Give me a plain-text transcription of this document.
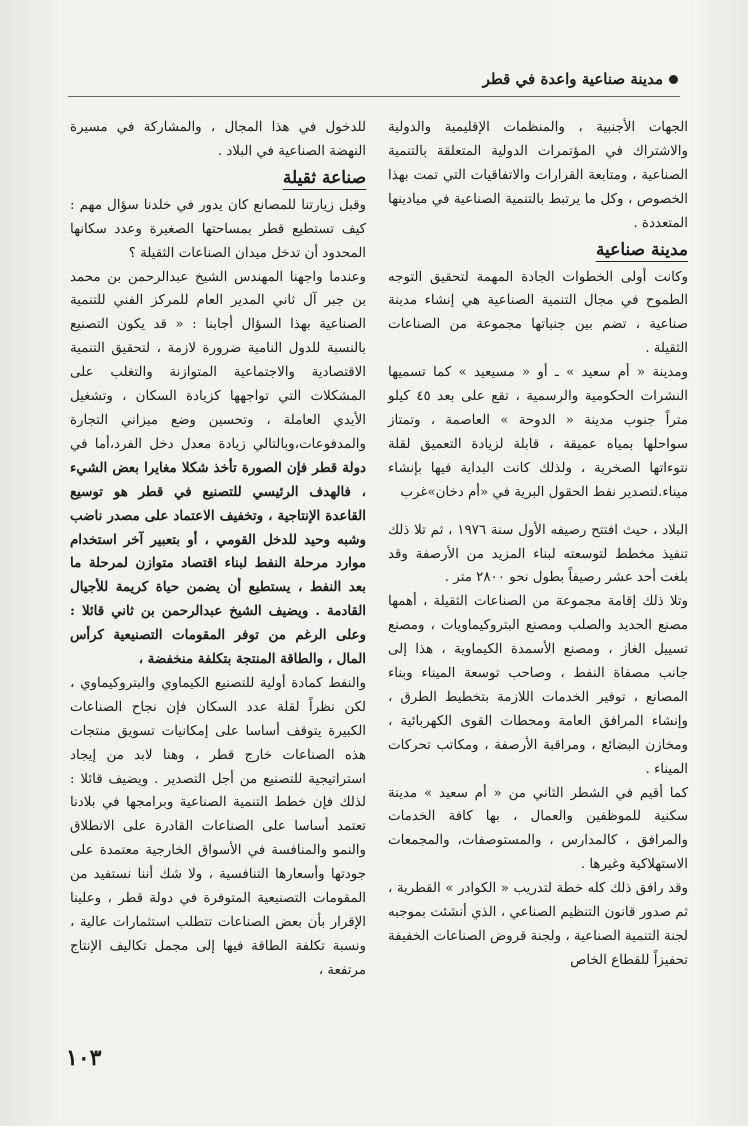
مدينة صناعية واعدة في قطر

الجهات الأجنبية ، والمنظمات الإقليمية والدولية والاشتراك في المؤتمرات الدولية المتعلقة بالتنمية الصناعية ، ومتابعة القرارات والاتفاقيات التي تمت بهذا الخصوص ، وكل ما يرتبط بالتنمية الصناعية في ميادينها المتعددة .

مدينة صناعية

وكانت أولى الخطوات الجادة المهمة لتحقيق التوجه الطموح في مجال التنمية الصناعية هي إنشاء مدينة صناعية ، تضم بين جنباتها مجموعة من الصناعات الثقيلة .

ومدينة « أم سعيد » ـ أو « مسيعيد » كما تسميها النشرات الحكومية والرسمية ، تقع على بعد ٤٥ كيلو متراً جنوب مدينة « الدوحة » العاصمة ، وتمتاز سواحلها بمياه عميقة ، قابلة لزيادة التعميق لقلة نتوءاتها الصخرية ، ولذلك كانت البداية فيها بإنشاء ميناء.لتصدير نفط الحقول البرية في «أم دخان»غرب

البلاد ، حيث افتتح رصيفه الأول سنة ١٩٧٦ ، ثم تلا ذلك تنفيذ مخطط لتوسعته لبناء المزيد من الأرصفة وقد بلغت أحد عشر رصيفاً بطول نحو ٢٨٠٠ متر .

وتلا ذلك إقامة مجموعة من الصناعات الثقيلة ، أهمها مصنع الحديد والصلب ومصنع البتروكيماويات ، ومصنع تسييل الغاز ، ومصنع الأسمدة الكيماوية ، هذا إلى جانب مصفاة النفط ، وصاحب توسعة الميناء وبناء المصانع ، توفير الخدمات اللازمة بتخطيط الطرق ، وإنشاء المرافق العامة ومحطات القوى الكهربائية ، ومخازن البضائع ، ومراقبة الأرصفة ، ومكاتب تحركات الميناء .

كما أقيم في الشطر الثاني من « أم سعيد » مدينة سكنية للموظفين والعمال ، بها كافة الخدمات والمرافق ، كالمدارس ، والمستوصفات، والمجمعات الاستهلاكية وغيرها .

وقد رافق ذلك كله خطة لتدريب « الكوادر » القطرية ، ثم صدور قانون التنظيم الصناعي ، الذي أنشئت بموجبه لجنة التنمية الصناعية ، ولجنة قروض الصناعات الخفيفة تحفيزاً للقطاع الخاص

للدخول في هذا المجال ، والمشاركة في مسيرة النهضة الصناعية في البلاد .

صناعة ثقيلة

وقبل زيارتنا للمصانع كان يدور في خلدنا سؤال مهم : كيف تستطيع قطر بمساحتها الصغيرة وعدد سكانها المحدود أن تدخل ميدان الصناعات الثقيلة ؟

وعندما واجهنا المهندس الشيخ عبدالرحمن بن محمد بن جبر آل ثاني المدير العام للمركز الفني للتنمية الصناعية بهذا السؤال أجابنا : « قد يكون التصنيع بالنسبة للدول النامية ضرورة لازمة ، لتحقيق التنمية الاقتصادية والاجتماعية المتوازنة والتغلب على المشكلات التي تواجهها كزيادة السكان ، وتشغيل الأيدي العاملة ، وتحسين وضع ميزاني التجارة والمدفوعات،وبالتالي زيادة معدل دخل الفرد،أما في دولة قطر فإن الصورة تأخذ شكلا مغايرا بعض الشيء ، فالهدف الرئيسي للتصنيع في قطر هو توسيع القاعدة الإنتاجية ، وتخفيف الاعتماد على مصدر ناضب وشبه وحيد للدخل القومي ، أو بتعبير آخر استخدام موارد مرحلة النفط لبناء اقتصاد متوازن لمرحلة ما بعد النفط ، يستطيع أن يضمن حياة كريمة للأجيال القادمة . ويضيف الشيخ عبدالرحمن بن ثاني قائلا : وعلى الرغم من توفر المقومات التصنيعية كرأس المال ، والطاقة المنتجة بتكلفة منخفضة ،

والنفط كمادة أولية للتصنيع الكيماوي والبتروكيماوي ، لكن نظراً لقلة عدد السكان فإن نجاح الصناعات الكبيرة يتوقف أساسا على إمكانيات تسويق منتجات هذه الصناعات خارج قطر ، وهنا لابد من إيجاد استراتيجية للتصنيع من أجل التصدير . ويضيف قائلا : لذلك فإن خطط التنمية الصناعية وبرامجها في بلادنا تعتمد أساسا على الصناعات القادرة على الانطلاق والنمو والمنافسة في الأسواق الخارجية معتمدة على جودتها وأسعارها التنافسية ، ولا شك أننا نستفيد من المقومات التصنيعية المتوفرة في دولة قطر ، وعلينا الإقرار بأن بعض الصناعات تتطلب استثمارات عالية ، ونسبة تكلفة الطاقة فيها إلى مجمل تكاليف الإنتاج مرتفعة ،

١٠٣
